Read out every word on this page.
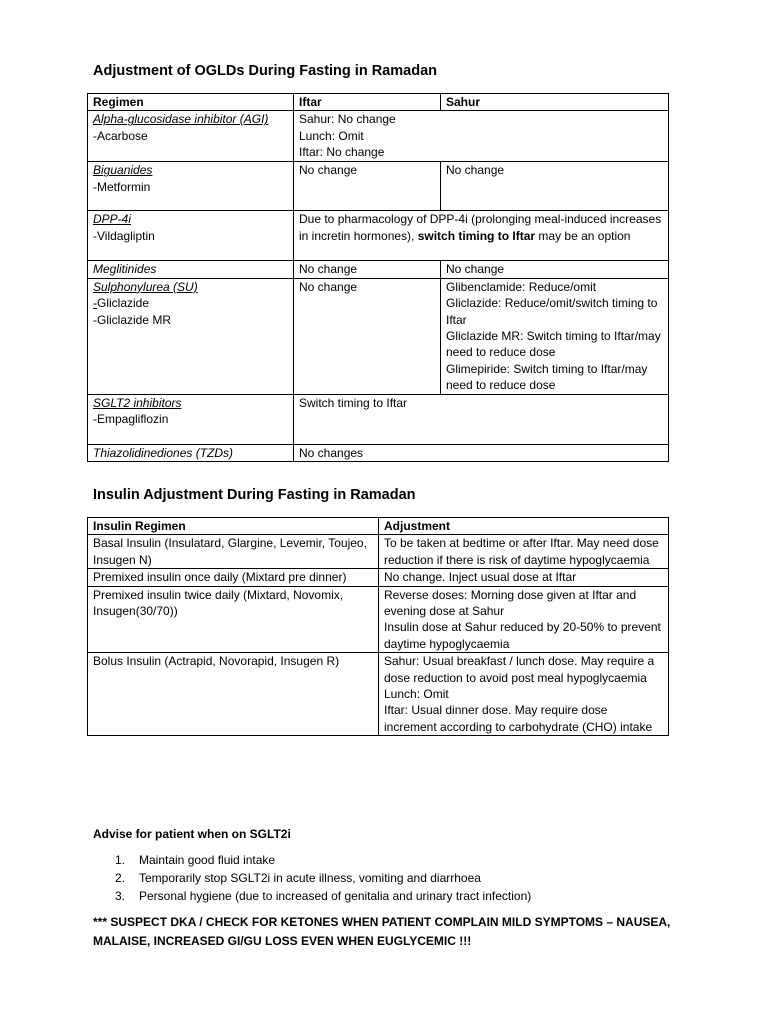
Adjustment of OGLDs During Fasting in Ramadan
Regimen	Iftar	Sahur

Alpha-glucosidase inhibitor (AGI)
-Acarbose	Sahur: No change
Lunch: Omit
Iftar: No change	

Biguanides
-Metformin	No change	No change

DPP-4i
-Vildagliptin	Due to pharmacology of DPP-4i (prolonging meal-induced increases in incretin hormones), switch timing to Iftar may be an option	

Meglitinides	No change	No change

Sulphonylurea (SU)
-Gliclazide
-Gliclazide MR	No change	Glibenclamide: Reduce/omit
Gliclazide: Reduce/omit/switch timing to Iftar
Gliclazide MR: Switch timing to Iftar/may need to reduce dose
Glimepiride: Switch timing to Iftar/may need to reduce dose

SGLT2 inhibitors
-Empagliflozin	Switch timing to Iftar	

Thiazolidinediones (TZDs)	No changes	
Insulin Adjustment During Fasting in Ramadan
Insulin Regimen	Adjustment
Basal Insulin (Insulatard, Glargine, Levemir, Toujeo, Insugen N)	To be taken at bedtime or after Iftar. May need dose reduction if there is risk of daytime hypoglycaemia

Premixed insulin once daily (Mixtard pre dinner)	No change. Inject usual dose at Iftar

Premixed insulin twice daily (Mixtard, Novomix, Insugen(30/70))	Reverse doses: Morning dose given at Iftar and evening dose at Sahur
Insulin dose at Sahur reduced by 20-50% to prevent daytime hypoglycaemia

Bolus Insulin (Actrapid, Novorapid, Insugen R)	Sahur: Usual breakfast / lunch dose. May require a dose reduction to avoid post meal hypoglycaemia
Lunch: Omit
Iftar: Usual dinner dose. May require dose increment according to carbohydrate (CHO) intake

Advise for patient when on SGLT2i

1. Maintain good fluid intake
2. Temporarily stop SGLT2i in acute illness, vomiting and diarrhoea
3. Personal hygiene (due to increased of genitalia and urinary tract infection)

*** SUSPECT DKA / CHECK FOR KETONES WHEN PATIENT COMPLAIN MILD SYMPTOMS – NAUSEA, MALAISE, INCREASED GI/GU LOSS EVEN WHEN EUGLYCEMIC !!!
